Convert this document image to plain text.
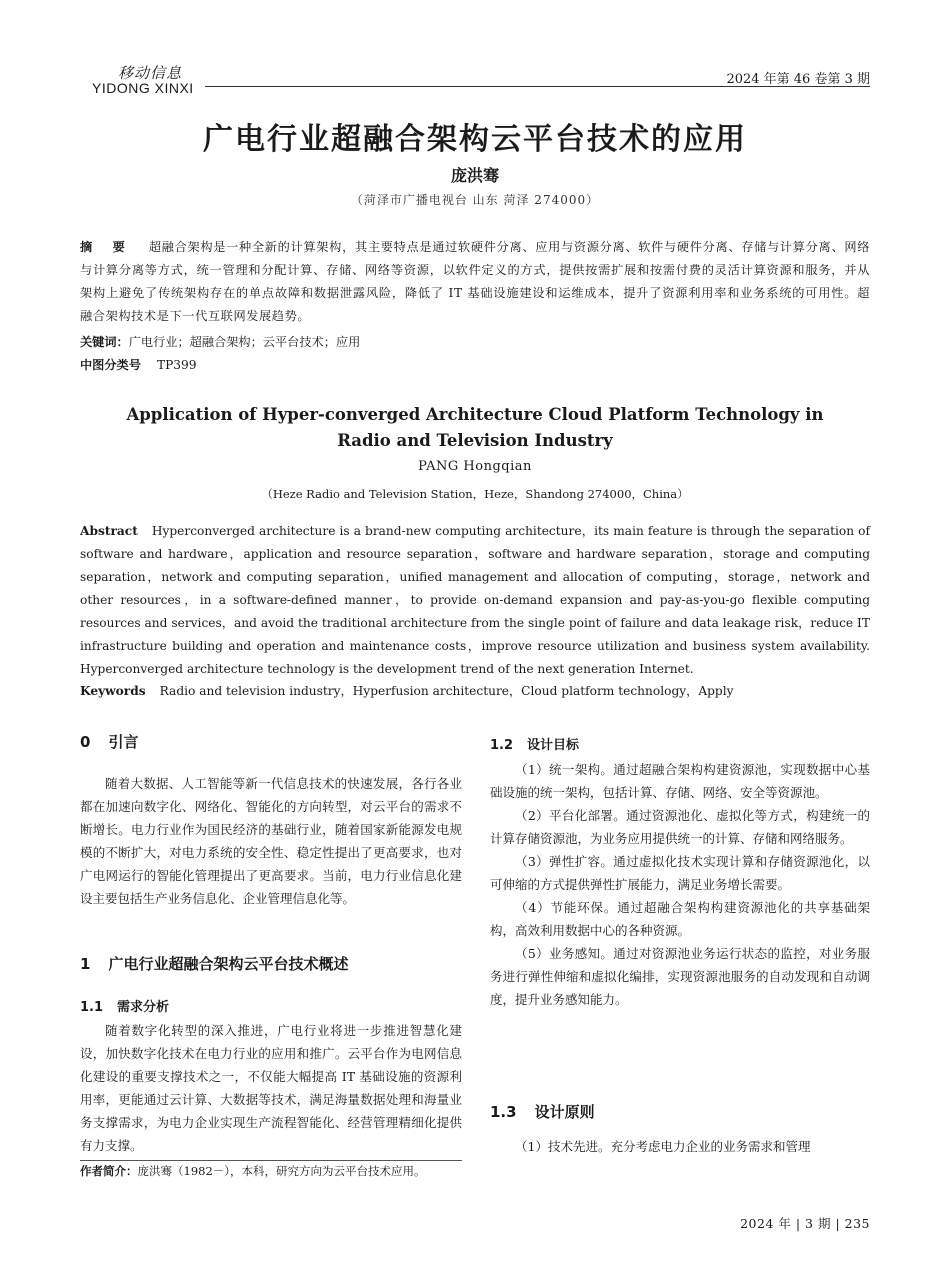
移动信息
YIDONG XINXI
2024 年第 46 卷第 3 期
广电行业超融合架构云平台技术的应用
庞洪骞
（菏泽市广播电视台 山东 菏泽 274000）
摘 要 超融合架构是一种全新的计算架构，其主要特点是通过软硬件分离、应用与资源分离、软件与硬件分离、存储与计算分离、网络与计算分离等方式，统一管理和分配计算、存储、网络等资源，以软件定义的方式，提供按需扩展和按需付费的灵活计算资源和服务，并从架构上避免了传统架构存在的单点故障和数据泄露风险，降低了 IT 基础设施建设和运维成本，提升了资源利用率和业务系统的可用性。超融合架构技术是下一代互联网发展趋势。
关键词：广电行业；超融合架构；云平台技术；应用
中图分类号 TP399
Application of Hyper-converged Architecture Cloud Platform Technology in
Radio and Television Industry
PANG Hongqian
（Heze Radio and Television Station，Heze，Shandong 274000，China）
Abstract Hyperconverged architecture is a brand-new computing architecture，its main feature is through the separation of software and hardware，application and resource separation，software and hardware separation，storage and computing separation，network and computing separation，unified management and allocation of computing，storage，network and other resources，in a software-defined manner，to provide on-demand expansion and pay-as-you-go flexible computing resources and services，and avoid the traditional architecture from the single point of failure and data leakage risk，reduce IT infrastructure building and operation and maintenance costs，improve resource utilization and business system availability. Hyperconverged architecture technology is the development trend of the next generation Internet.
Keywords Radio and television industry，Hyperfusion architecture，Cloud platform technology，Apply
0 引言

随着大数据、人工智能等新一代信息技术的快速发展，各行各业都在加速向数字化、网络化、智能化的方向转型，对云平台的需求不断增长。电力行业作为国民经济的基础行业，随着国家新能源发电规模的不断扩大，对电力系统的安全性、稳定性提出了更高要求，也对广电网运行的智能化管理提出了更高要求。当前，电力行业信息化建设主要包括生产业务信息化、企业管理信息化等。

1 广电行业超融合架构云平台技术概述
1.1 需求分析

随着数字化转型的深入推进，广电行业将进一步推进智慧化建设，加快数字化技术在电力行业的应用和推广。云平台作为电网信息化建设的重要支撑技术之一，不仅能大幅提高 IT 基础设施的资源利用率，更能通过云计算、大数据等技术，满足海量数据处理和海量业务支撑需求，为电力企业实现生产流程智能化、经营管理精细化提供有力支撑。

作者简介：庞洪骞（1982－），本科，研究方向为云平台技术应用。
1.2 设计目标

（1）统一架构。通过超融合架构构建资源池，实现数据中心基础设施的统一架构，包括计算、存储、网络、安全等资源池。

（2）平台化部署。通过资源池化、虚拟化等方式，构建统一的计算存储资源池，为业务应用提供统一的计算、存储和网络服务。

（3）弹性扩容。通过虚拟化技术实现计算和存储资源池化，以可伸缩的方式提供弹性扩展能力，满足业务增长需要。

（4）节能环保。通过超融合架构构建资源池化的共享基础架构，高效利用数据中心的各种资源。

（5）业务感知。通过对资源池业务运行状态的监控，对业务服务进行弹性伸缩和虚拟化编排，实现资源池服务的自动发现和自动调度，提升业务感知能力。

1.3 设计原则

（1）技术先进。充分考虑电力企业的业务需求和管理

2024 年 | 3 期 | 235
